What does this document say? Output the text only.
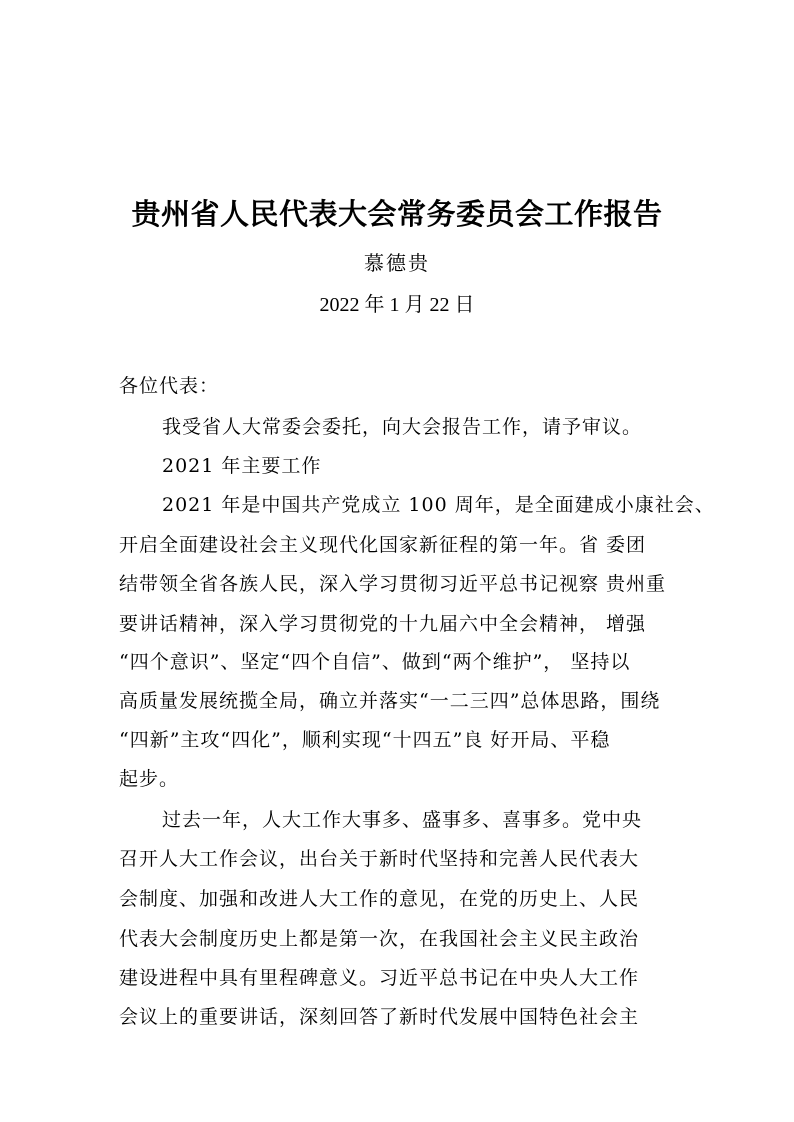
贵州省人民代表大会常务委员会工作报告
慕德贵
2022 年 1 月 22 日
各位代表：
我受省人大常委会委托，向大会报告工作，请予审议。
2021 年主要工作
2021 年是中国共产党成立 100 周年，是全面建成小康社会、
开启全面建设社会主义现代化国家新征程的第一年。省 委团
结带领全省各族人民，深入学习贯彻习近平总书记视察 贵州重
要讲话精神，深入学习贯彻党的十九届六中全会精神， 增强
“四个意识”、坚定“四个自信”、做到“两个维护”， 坚持以
高质量发展统揽全局，确立并落实“一二三四”总体思路，围绕
“四新”主攻“四化”，顺利实现“十四五”良 好开局、平稳
起步。
过去一年，人大工作大事多、盛事多、喜事多。党中央
召开人大工作会议，出台关于新时代坚持和完善人民代表大
会制度、加强和改进人大工作的意见，在党的历史上、人民
代表大会制度历史上都是第一次，在我国社会主义民主政治
建设进程中具有里程碑意义。习近平总书记在中央人大工作
会议上的重要讲话，深刻回答了新时代发展中国特色社会主
